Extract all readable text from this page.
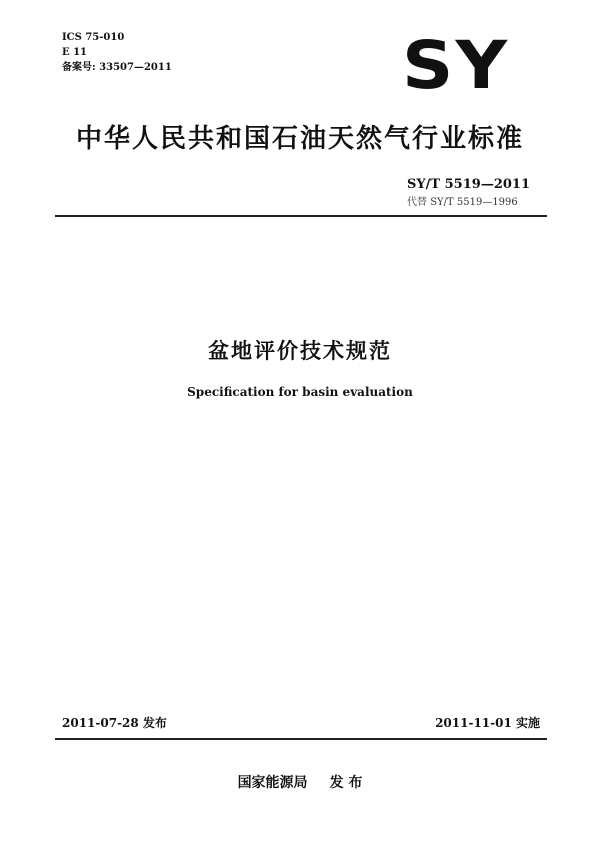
ICS 75-010
E 11
备案号: 33507—2011	SY
中华人民共和国石油天然气行业标准
SY/T 5519—2011
代替 SY/T 5519—1996
盆地评价技术规范
Specification for basin evaluation
2011-07-28 发布	2011-11-01 实施
国家能源局 发 布
